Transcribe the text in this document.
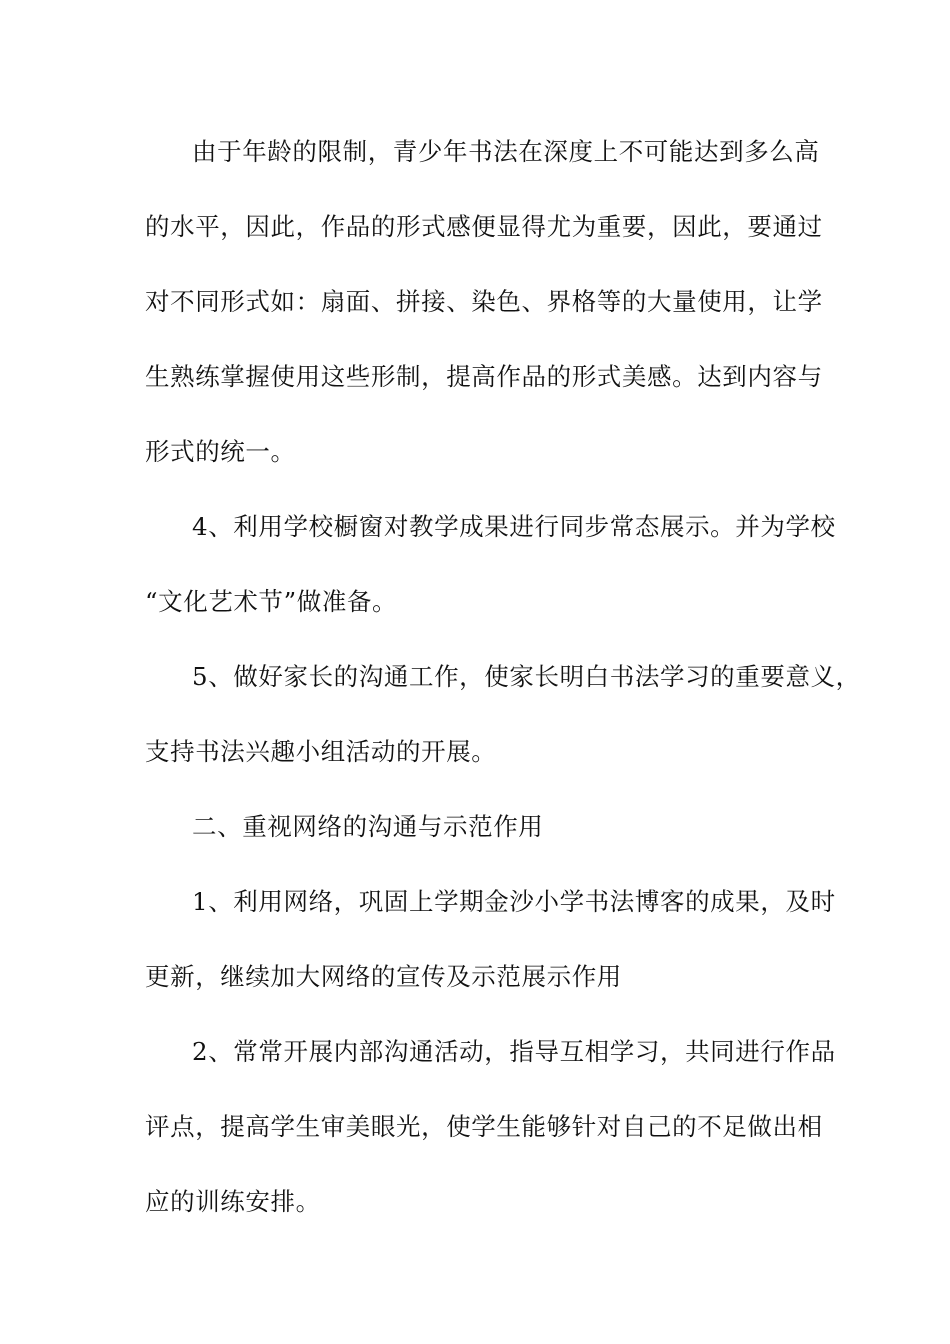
由于年龄的限制，青少年书法在深度上不可能达到多么高
的水平，因此，作品的形式感便显得尤为重要，因此，要通过
对不同形式如：扇面、拼接、染色、界格等的大量使用，让学
生熟练掌握使用这些形制，提高作品的形式美感。达到内容与
形式的统一。
4、利用学校橱窗对教学成果进行同步常态展示。并为学校
“文化艺术节”做准备。
5、做好家长的沟通工作，使家长明白书法学习的重要意义，
支持书法兴趣小组活动的开展。
二、重视网络的沟通与示范作用
1、利用网络，巩固上学期金沙小学书法博客的成果，及时
更新，继续加大网络的宣传及示范展示作用
2、常常开展内部沟通活动，指导互相学习，共同进行作品
评点，提高学生审美眼光，使学生能够针对自己的不足做出相
应的训练安排。
